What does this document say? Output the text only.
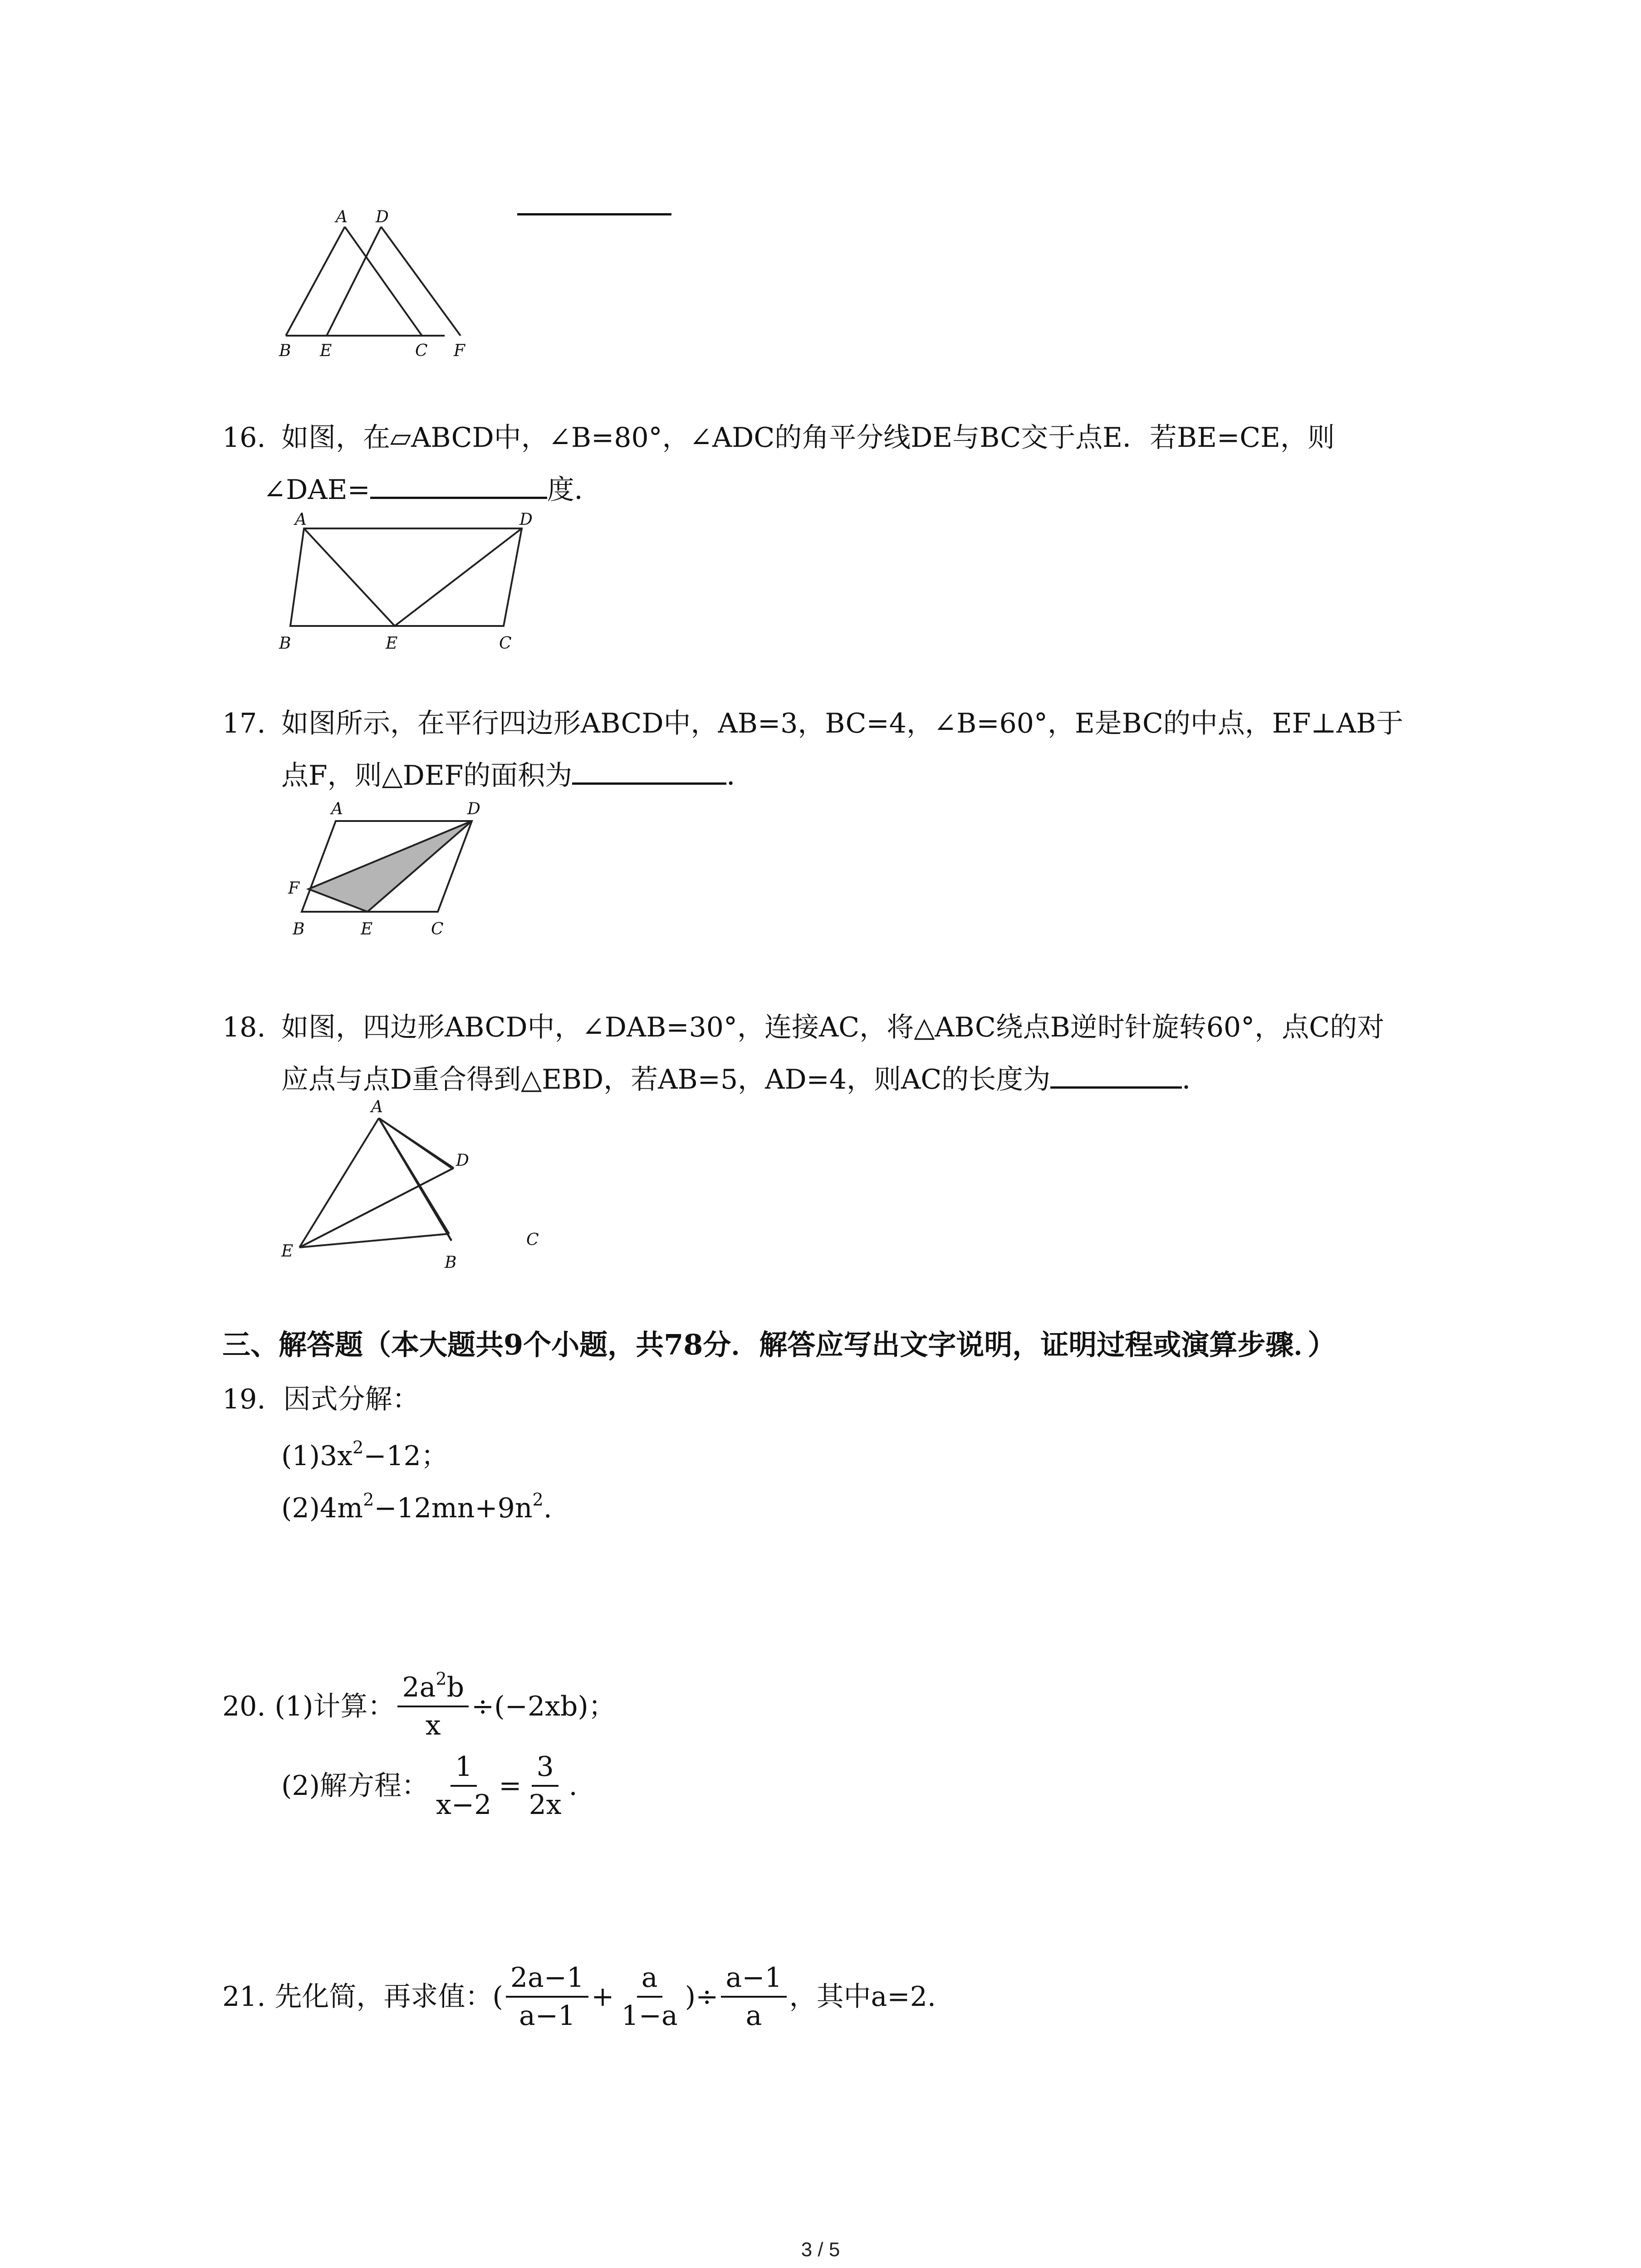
A D
B E	C F
16. 如图，在▱ABCD中，∠B=80°，∠ADC的角平分线DE与BC交于点E．若BE=CE，则
∠DAE=	度．
A	D
B	E	C
17. 如图所示，在平行四边形ABCD中，AB=3，BC=4，∠B=60°，E是BC的中点，EF⊥AB于
点F，则△DEF的面积为	．
A	D
F
B	E	C
18. 如图，四边形ABCD中，∠DAB=30°，连接AC，将△ABC绕点B逆时针旋转60°，点C的对
应点与点D重合得到△EBD，若AB=5，AD=4，则AC的长度为	．
A
D
E
B
C
三、解答题（本大题共9个小题，共78分．解答应写出文字说明，证明过程或演算步骤．）
19. 因式分解：
$(1)3x^2-12$；
$(2)4m^2-12mn+9n^2$.
20. (1)计算： $\frac{2a^2b}{x} \div(-2xb)$；
(2)解方程： $\frac{1}{x-2} = \frac{3}{2x}$ .
21. 先化简，再求值：( $\frac{2a-1}{a-1} + \frac{a}{1-a}$ )÷ $\frac{a-1}{a}$ ，其中a=2.
3 / 5
